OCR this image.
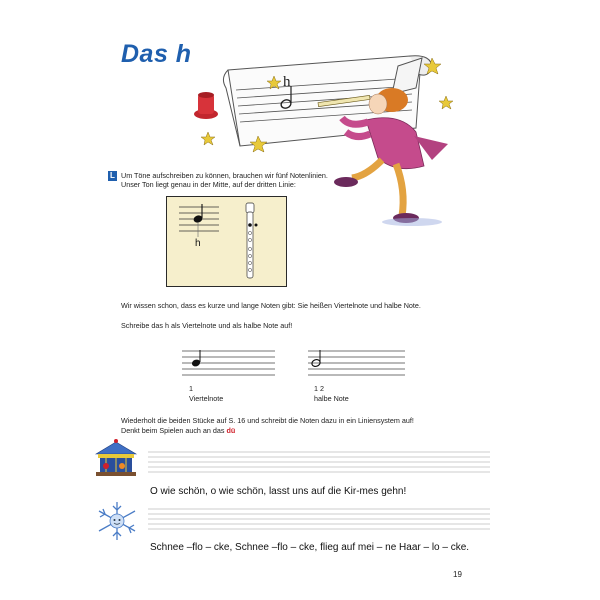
Das h
h
L Um Töne aufschreiben zu können, brauchen wir fünf Notenlinien.
Unser Ton liegt genau in der Mitte, auf der dritten Linie:
h
Wir wissen schon, dass es kurze und lange Noten gibt: Sie heißen Viertelnote und halbe Note.
Schreibe das h als Viertelnote und als halbe Note auf!
1
Viertelnote
1 2
halbe Note
Wiederholt die beiden Stücke auf S. 16 und schreibt die Noten dazu in ein Liniensystem auf!
Denkt beim Spielen auch an das dü
O wie schön, o wie schön, lasst uns auf die Kir-mes gehn!
Schnee –flo – cke, Schnee –flo – cke, flieg auf mei – ne Haar – lo – cke.
19
